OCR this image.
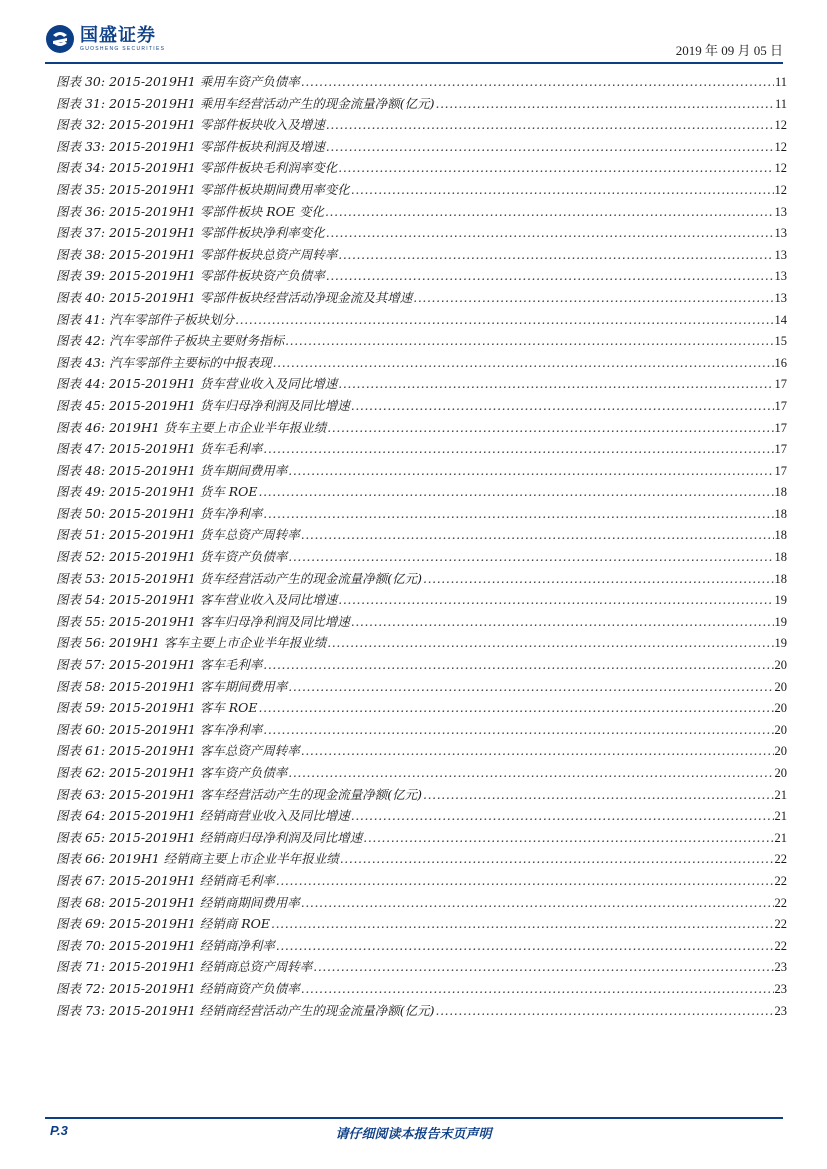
国盛证券
GUOSHENG SECURITIES	2019 年 09 月 05 日
图表 30: 2015-2019H1 乘用车资产负债率 .....	11
图表 31: 2015-2019H1 乘用车经营活动产生的现金流量净额(亿元) .....	11
图表 32: 2015-2019H1 零部件板块收入及增速 .....	12
图表 33: 2015-2019H1 零部件板块利润及增速 .....	12
图表 34: 2015-2019H1 零部件板块毛利润率变化 .....	12
图表 35: 2015-2019H1 零部件板块期间费用率变化 .....	12
图表 36: 2015-2019H1 零部件板块 ROE 变化 .....	13
图表 37: 2015-2019H1 零部件板块净利率变化 .....	13
图表 38: 2015-2019H1 零部件板块总资产周转率 .....	13
图表 39: 2015-2019H1 零部件板块资产负债率 .....	13
图表 40: 2015-2019H1 零部件板块经营活动净现金流及其增速 .....	13
图表 41: 汽车零部件子板块划分 .....	14
图表 42: 汽车零部件子板块主要财务指标 .....	15
图表 43: 汽车零部件主要标的中报表现 .....	16
图表 44: 2015-2019H1 货车营业收入及同比增速 .....	17
图表 45: 2015-2019H1 货车归母净利润及同比增速 .....	17
图表 46: 2019H1 货车主要上市企业半年报业绩 .....	17
图表 47: 2015-2019H1 货车毛利率 .....	17
图表 48: 2015-2019H1 货车期间费用率 .....	17
图表 49: 2015-2019H1 货车 ROE .....	18
图表 50: 2015-2019H1 货车净利率 .....	18
图表 51: 2015-2019H1 货车总资产周转率 .....	18
图表 52: 2015-2019H1 货车资产负债率 .....	18
图表 53: 2015-2019H1 货车经营活动产生的现金流量净额(亿元) .....	18
图表 54: 2015-2019H1 客车营业收入及同比增速 .....	19
图表 55: 2015-2019H1 客车归母净利润及同比增速 .....	19
图表 56: 2019H1 客车主要上市企业半年报业绩 .....	19
图表 57: 2015-2019H1 客车毛利率 .....	20
图表 58: 2015-2019H1 客车期间费用率 .....	20
图表 59: 2015-2019H1 客车 ROE .....	20
图表 60: 2015-2019H1 客车净利率 .....	20
图表 61: 2015-2019H1 客车总资产周转率 .....	20
图表 62: 2015-2019H1 客车资产负债率 .....	20
图表 63: 2015-2019H1 客车经营活动产生的现金流量净额(亿元) .....	21
图表 64: 2015-2019H1 经销商营业收入及同比增速 .....	21
图表 65: 2015-2019H1 经销商归母净利润及同比增速 .....	21
图表 66: 2019H1 经销商主要上市企业半年报业绩 .....	22
图表 67: 2015-2019H1 经销商毛利率 .....	22
图表 68: 2015-2019H1 经销商期间费用率 .....	22
图表 69: 2015-2019H1 经销商 ROE .....	22
图表 70: 2015-2019H1 经销商净利率 .....	22
图表 71: 2015-2019H1 经销商总资产周转率 .....	23
图表 72: 2015-2019H1 经销商资产负债率 .....	23
图表 73: 2015-2019H1 经销商经营活动产生的现金流量净额(亿元) .....	23
P.3	请仔细阅读本报告末页声明
